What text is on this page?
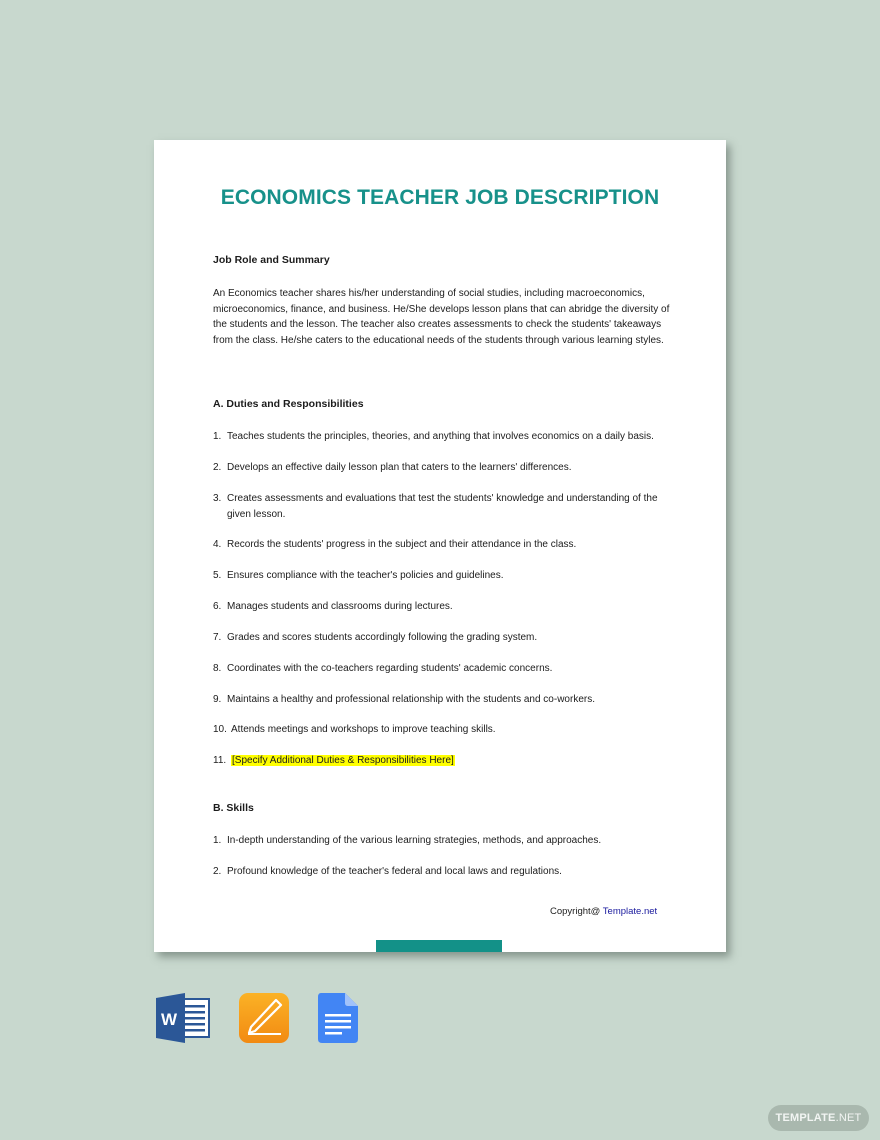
ECONOMICS TEACHER JOB DESCRIPTION
Job Role and Summary
An Economics teacher shares his/her understanding of social studies, including macroeconomics, microeconomics, finance, and business. He/She develops lesson plans that can abridge the diversity of the students and the lesson. The teacher also creates assessments to check the students' takeaways from the class. He/she caters to the educational needs of the students through various learning styles.
A. Duties and Responsibilities
1. Teaches students the principles, theories, and anything that involves economics on a daily basis.
2. Develops an effective daily lesson plan that caters to the learners' differences.
3. Creates assessments and evaluations that test the students' knowledge and understanding of the given lesson.
4. Records the students' progress in the subject and their attendance in the class.
5. Ensures compliance with the teacher's policies and guidelines.
6. Manages students and classrooms during lectures.
7. Grades and scores students accordingly following the grading system.
8. Coordinates with the co-teachers regarding students' academic concerns.
9. Maintains a healthy and professional relationship with the students and co-workers.
10. Attends meetings and workshops to improve teaching skills.
11. [Specify Additional Duties & Responsibilities Here]
B. Skills
1. In-depth understanding of the various learning strategies, methods, and approaches.
2. Profound knowledge of the teacher's federal and local laws and regulations.
Copyright@ Template.net
W
TEMPLATE.NET
